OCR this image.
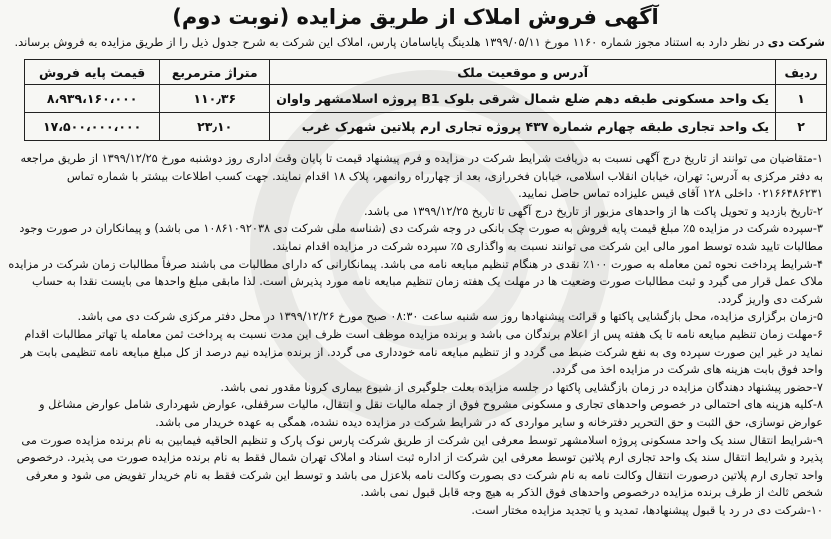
آگهی فروش املاک از طریق مزایده (نوبت دوم)
شرکت دی در نظر دارد به استناد مجوز شماره ۱۱۶۰ مورخ ۱۳۹۹/۰۵/۱۱ هلدینگ پایاسامان پارس، املاک این شرکت به شرح جدول ذیل را از طریق مزایده به فروش برساند.
ردیف	آدرس و موقعیت ملک	متراژ مترمربع	قیمت پایه فروش
۱	یک واحد مسکونی طبقه دهم ضلع شمال شرقی بلوک B1 پروژه اسلامشهر واوان	۱۱۰٫۳۶	۸،۹۳۹،۱۶۰،۰۰۰
۲	یک واحد تجاری طبقه چهارم شماره ۴۳۷ پروژه تجاری ارم پلاتین شهرک غرب	۲۳٫۱۰	۱۷،۵۰۰،۰۰۰،۰۰۰

۱-متقاضیان می توانند از تاریخ درج آگهی نسبت به دریافت شرایط شرکت در مزایده و فرم پیشنهاد قیمت تا پایان وقت اداری روز دوشنبه مورخ ۱۳۹۹/۱۲/۲۵ از طریق مراجعه به دفتر مرکزی به آدرس: تهران، خیابان انقلاب اسلامی، خیابان فخررازی، بعد از چهارراه روانمهر، پلاک ۱۸ اقدام نمایند. جهت کسب اطلاعات بیشتر با شماره تماس ۰۲۱۶۶۴۸۶۲۳۱ داخلی ۱۲۸ آقای قیس علیزاده تماس حاصل نمایید.

۲-تاریخ بازدید و تحویل پاکت ها از واحدهای مزبور از تاریخ درج آگهی تا تاریخ ۱۳۹۹/۱۲/۲۵ می باشد.

۳-سپرده شرکت در مزایده ۵٪ مبلغ قیمت پایه فروش به صورت چک بانکی در وجه شرکت دی (شناسه ملی شرکت دی ۱۰۸۶۱۰۹۲۰۳۸ می باشد) و پیمانکاران در صورت وجود مطالبات تایید شده توسط امور مالی این شرکت می توانند نسبت به واگذاری ۵٪ سپرده شرکت در مزایده اقدام نمایند.

۴-شرایط پرداخت نحوه ثمن معامله به صورت ۱۰۰٪ نقدی در هنگام تنظیم مبایعه نامه می باشد. پیمانکارانی که دارای مطالبات می باشند صرفاً مطالبات زمان شرکت در مزایده ملاک عمل قرار می گیرد و ثبت مطالبات صورت وضعیت ها در مهلت یک هفته زمان تنظیم مبایعه نامه مورد پذیرش است. لذا مابقی مبلغ واحدها می بایست نقدا به حساب شرکت دی واریز گردد.

۵-زمان برگزاری مزایده، محل بازگشایی پاکتها و قرائت پیشنهادها روز سه شنبه ساعت ۰۸:۳۰ صبح مورخ ۱۳۹۹/۱۲/۲۶ در محل دفتر مرکزی شرکت دی می باشد.

۶-مهلت زمان تنظیم مبایعه نامه تا یک هفته پس از اعلام برندگان می باشد و برنده مزایده موظف است ظرف این مدت نسبت به پرداخت ثمن معامله یا تهاتر مطالبات اقدام نماید در غیر این صورت سپرده وی به نفع شرکت ضبط می گردد و از تنظیم مبایعه نامه خودداری می گردد. از برنده مزایده نیم درصد از کل مبلغ مبایعه نامه تنظیمی بابت هر واحد فوق بابت هزینه های شرکت در مزایده اخذ می گردد.

۷-حضور پیشنهاد دهندگان مزایده در زمان بازگشایی پاکتها در جلسه مزایده بعلت جلوگیری از شیوع بیماری کرونا مقدور نمی باشد.

۸-کلیه هزینه های احتمالی در خصوص واحدهای تجاری و مسکونی مشروح فوق از جمله مالیات نقل و انتقال، مالیات سرقفلی، عوارض شهرداری شامل عوارض مشاغل و عوارض نوسازی، حق الثبت و حق التحریر دفترخانه و سایر مواردی که در شرایط شرکت در مزایده دیده نشده، همگی به عهده خریدار می باشد.

۹-شرایط انتقال سند یک واحد مسکونی پروژه اسلامشهر توسط معرفی این شرکت از طریق شرکت پارس نوک پارک و تنظیم الحاقیه فیمابین به نام برنده مزایده صورت می پذیرد و شرایط انتقال سند یک واحد تجاری ارم پلاتین توسط معرفی این شرکت از اداره ثبت اسناد و املاک تهران شمال فقط به نام برنده مزایده صورت می پذیرد. درخصوص واحد تجاری ارم پلاتین درصورت انتقال وکالت نامه به نام شرکت دی بصورت وکالت نامه بلاعزل می باشد و توسط این شرکت فقط به نام خریدار تفویض می شود و معرفی شخص ثالث از طرف برنده مزایده درخصوص واحدهای فوق الذکر به هیچ وجه قابل قبول نمی باشد.

۱۰-شرکت دی در رد یا قبول پیشنهادها، تمدید و یا تجدید مزایده مختار است.
